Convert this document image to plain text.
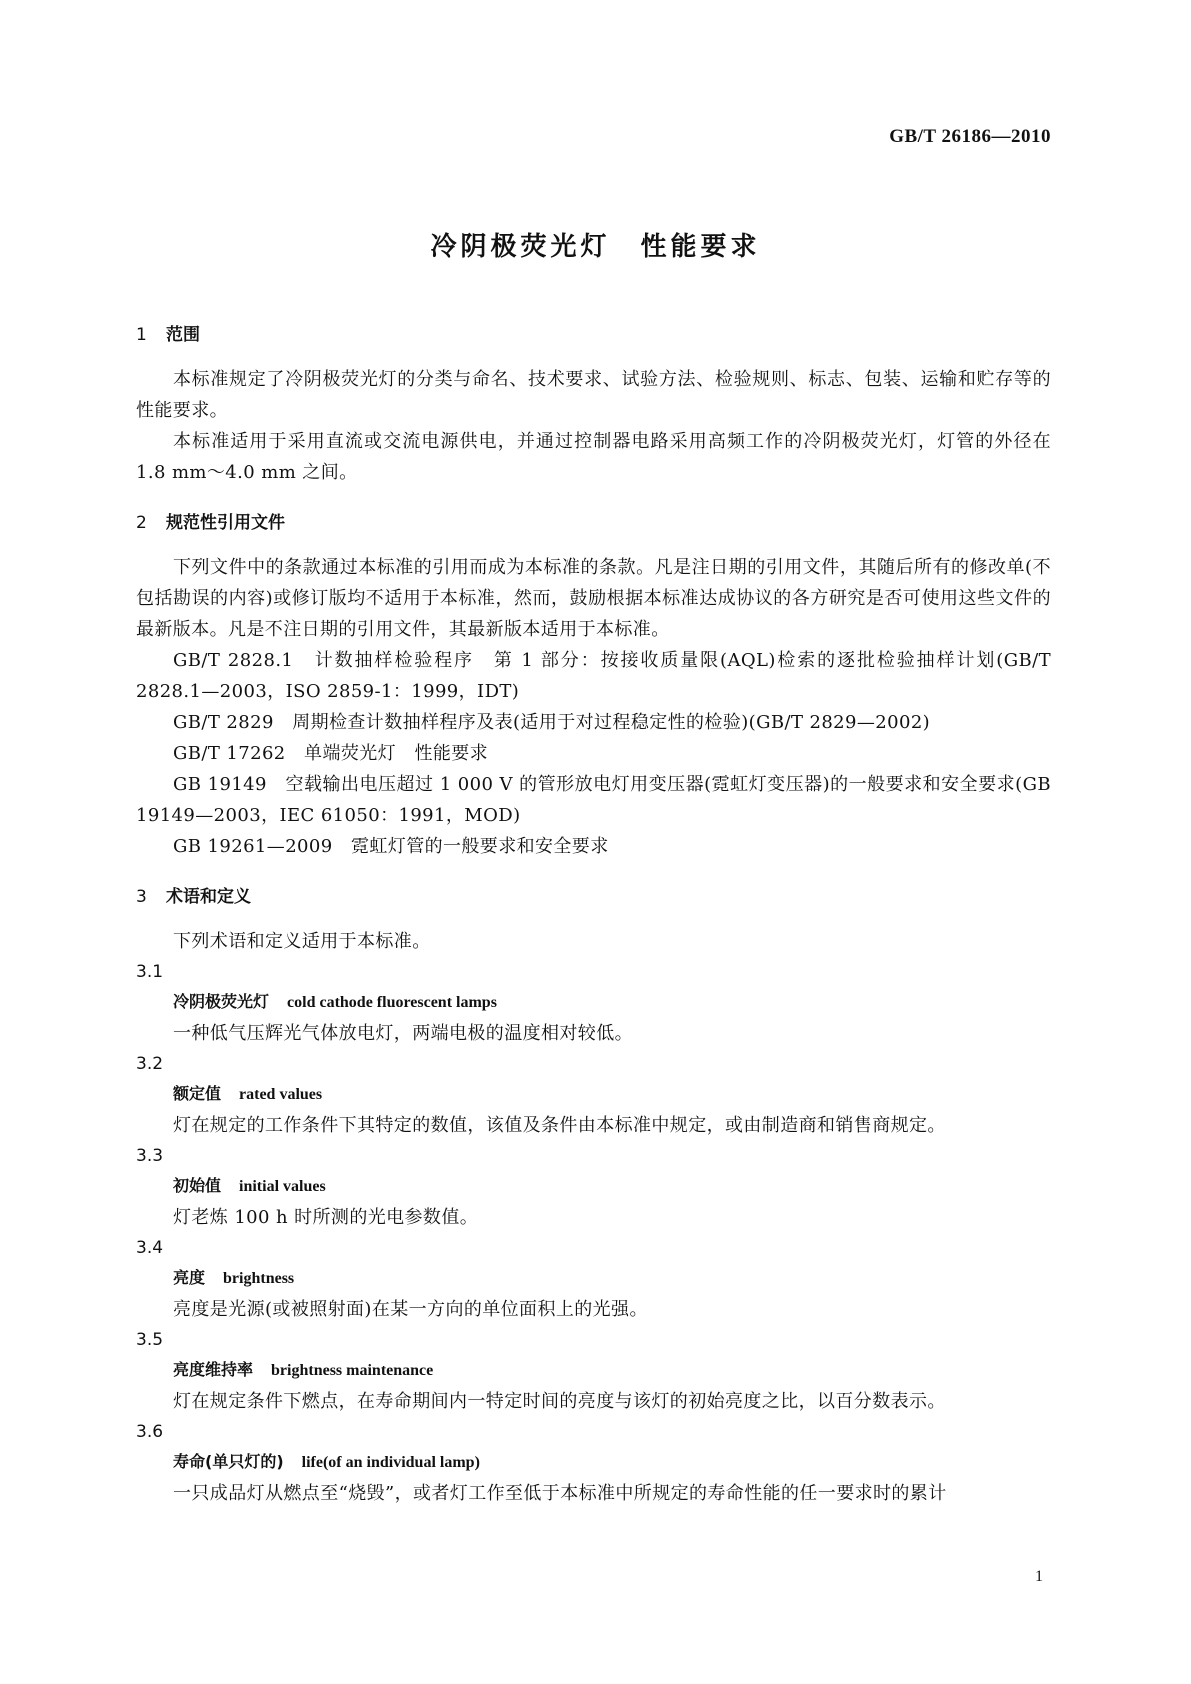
GB/T 26186—2010
冷阴极荧光灯　性能要求

1 范围

本标准规定了冷阴极荧光灯的分类与命名、技术要求、试验方法、检验规则、标志、包装、运输和贮存等的性能要求。

本标准适用于采用直流或交流电源供电，并通过控制器电路采用高频工作的冷阴极荧光灯，灯管的外径在 1.8 mm～4.0 mm 之间。

2 规范性引用文件

下列文件中的条款通过本标准的引用而成为本标准的条款。凡是注日期的引用文件，其随后所有的修改单(不包括勘误的内容)或修订版均不适用于本标准，然而，鼓励根据本标准达成协议的各方研究是否可使用这些文件的最新版本。凡是不注日期的引用文件，其最新版本适用于本标准。

GB/T 2828.1　计数抽样检验程序　第 1 部分：按接收质量限(AQL)检索的逐批检验抽样计划(GB/T 2828.1—2003，ISO 2859-1：1999，IDT)

GB/T 2829　周期检查计数抽样程序及表(适用于对过程稳定性的检验)(GB/T 2829—2002)

GB/T 17262　单端荧光灯　性能要求

GB 19149　空载输出电压超过 1 000 V 的管形放电灯用变压器(霓虹灯变压器)的一般要求和安全要求(GB 19149—2003，IEC 61050：1991，MOD)

GB 19261—2009　霓虹灯管的一般要求和安全要求

3 术语和定义

下列术语和定义适用于本标准。

3.1

冷阴极荧光灯 cold cathode fluorescent lamps

一种低气压辉光气体放电灯，两端电极的温度相对较低。

3.2

额定值 rated values

灯在规定的工作条件下其特定的数值，该值及条件由本标准中规定，或由制造商和销售商规定。

3.3

初始值 initial values

灯老炼 100 h 时所测的光电参数值。

3.4

亮度 brightness

亮度是光源(或被照射面)在某一方向的单位面积上的光强。

3.5

亮度维持率 brightness maintenance

灯在规定条件下燃点，在寿命期间内一特定时间的亮度与该灯的初始亮度之比，以百分数表示。

3.6

寿命(单只灯的) life(of an individual lamp)

一只成品灯从燃点至“烧毁”，或者灯工作至低于本标准中所规定的寿命性能的任一要求时的累计

1
